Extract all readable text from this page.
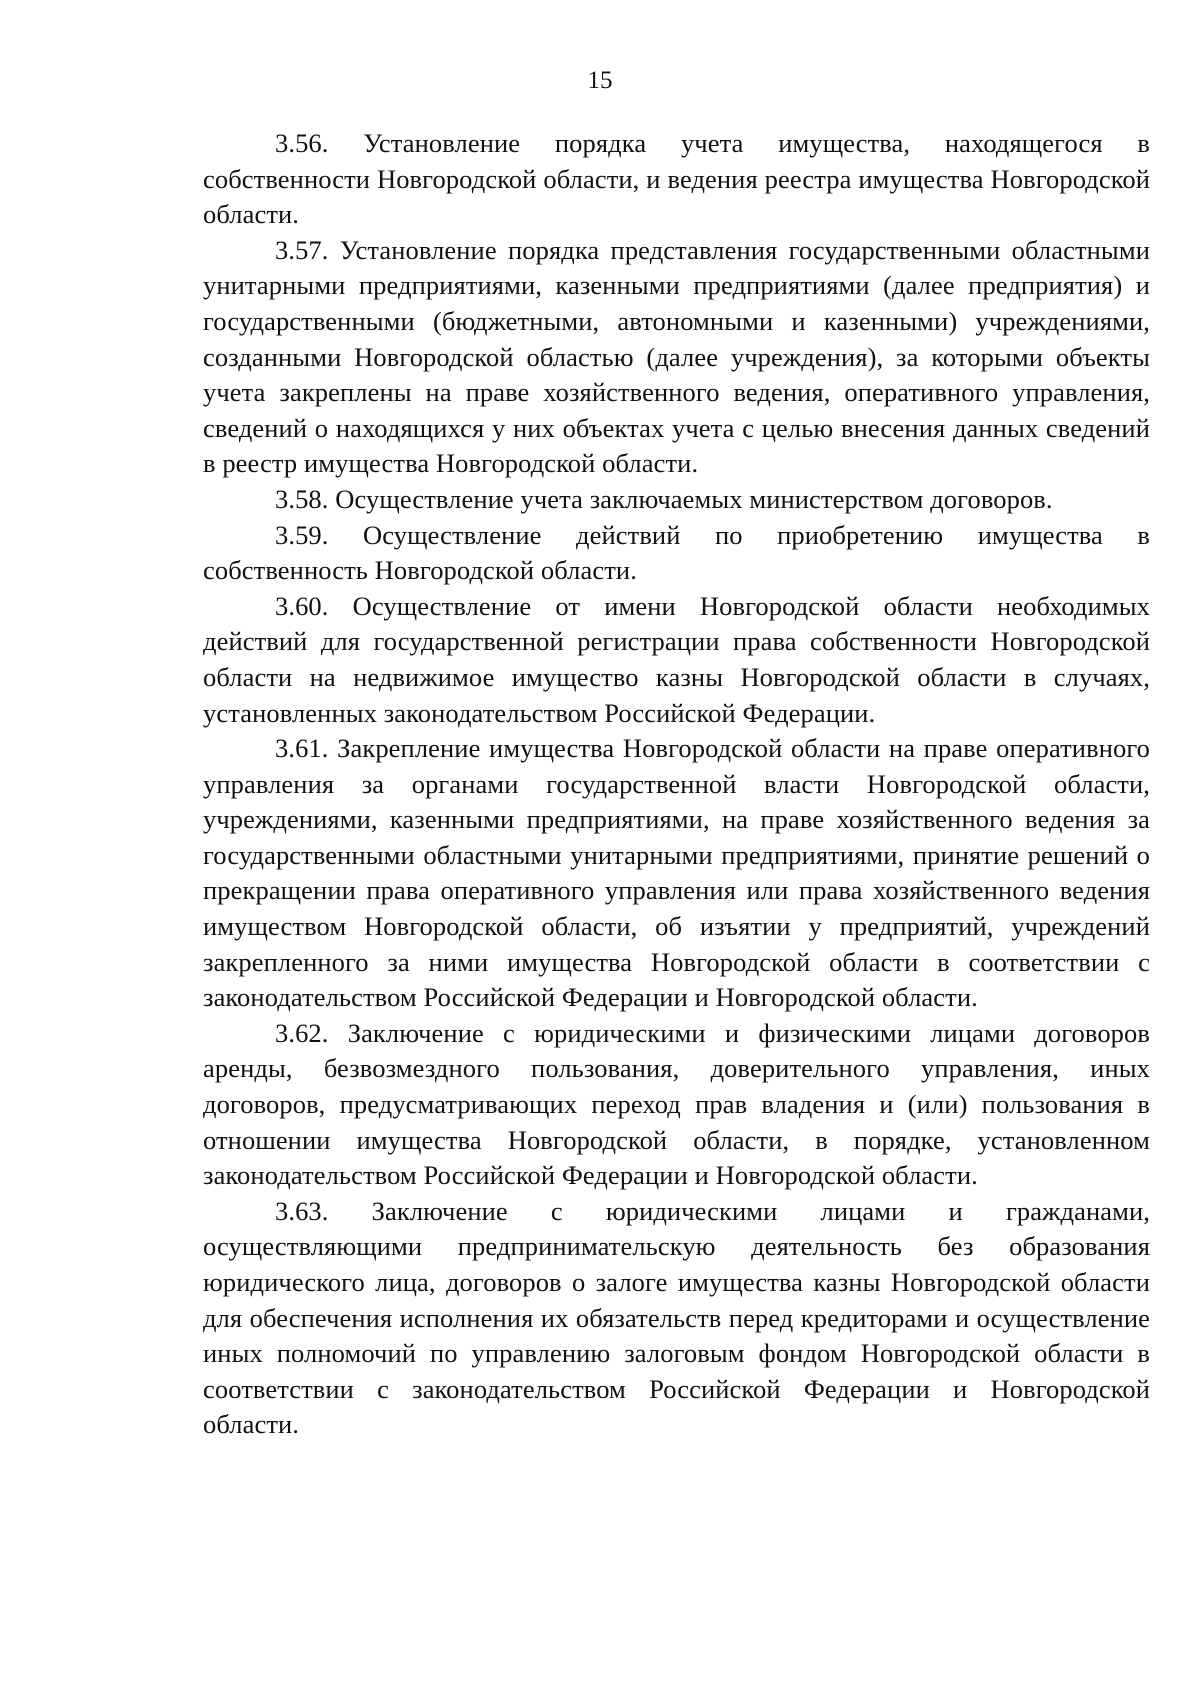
15

3.56. Установление порядка учета имущества, находящегося в собственности Новгородской области, и ведения реестра имущества Новгородской области.

3.57. Установление порядка представления государственными областными унитарными предприятиями, казенными предприятиями (далее предприятия) и государственными (бюджетными, автономными и казенными) учреждениями, созданными Новгородской областью (далее учреждения), за которыми объекты учета закреплены на праве хозяйственного ведения, оперативного управления, сведений о находящихся у них объектах учета с целью внесения данных сведений в реестр имущества Новгородской области.

3.58. Осуществление учета заключаемых министерством договоров.

3.59. Осуществление действий по приобретению имущества в собственность Новгородской области.

3.60. Осуществление от имени Новгородской области необходимых действий для государственной регистрации права собственности Новгородской области на недвижимое имущество казны Новгородской области в случаях, установленных законодательством Российской Федерации.

3.61. Закрепление имущества Новгородской области на праве оперативного управления за органами государственной власти Новгородской области, учреждениями, казенными предприятиями, на праве хозяйственного ведения за государственными областными унитарными предприятиями, принятие решений о прекращении права оперативного управления или права хозяйственного ведения имуществом Новгородской области, об изъятии у предприятий, учреждений закрепленного за ними имущества Новгородской области в соответствии с законодательством Российской Федерации и Новгородской области.

3.62. Заключение с юридическими и физическими лицами договоров аренды, безвозмездного пользования, доверительного управления, иных договоров, предусматривающих переход прав владения и (или) пользования в отношении имущества Новгородской области, в порядке, установленном законодательством Российской Федерации и Новгородской области.

3.63. Заключение с юридическими лицами и гражданами, осуществляющими предпринимательскую деятельность без образования юридического лица, договоров о залоге имущества казны Новгородской области для обеспечения исполнения их обязательств перед кредиторами и осуществление иных полномочий по управлению залоговым фондом Новгородской области в соответствии с законодательством Российской Федерации и Новгородской области.
